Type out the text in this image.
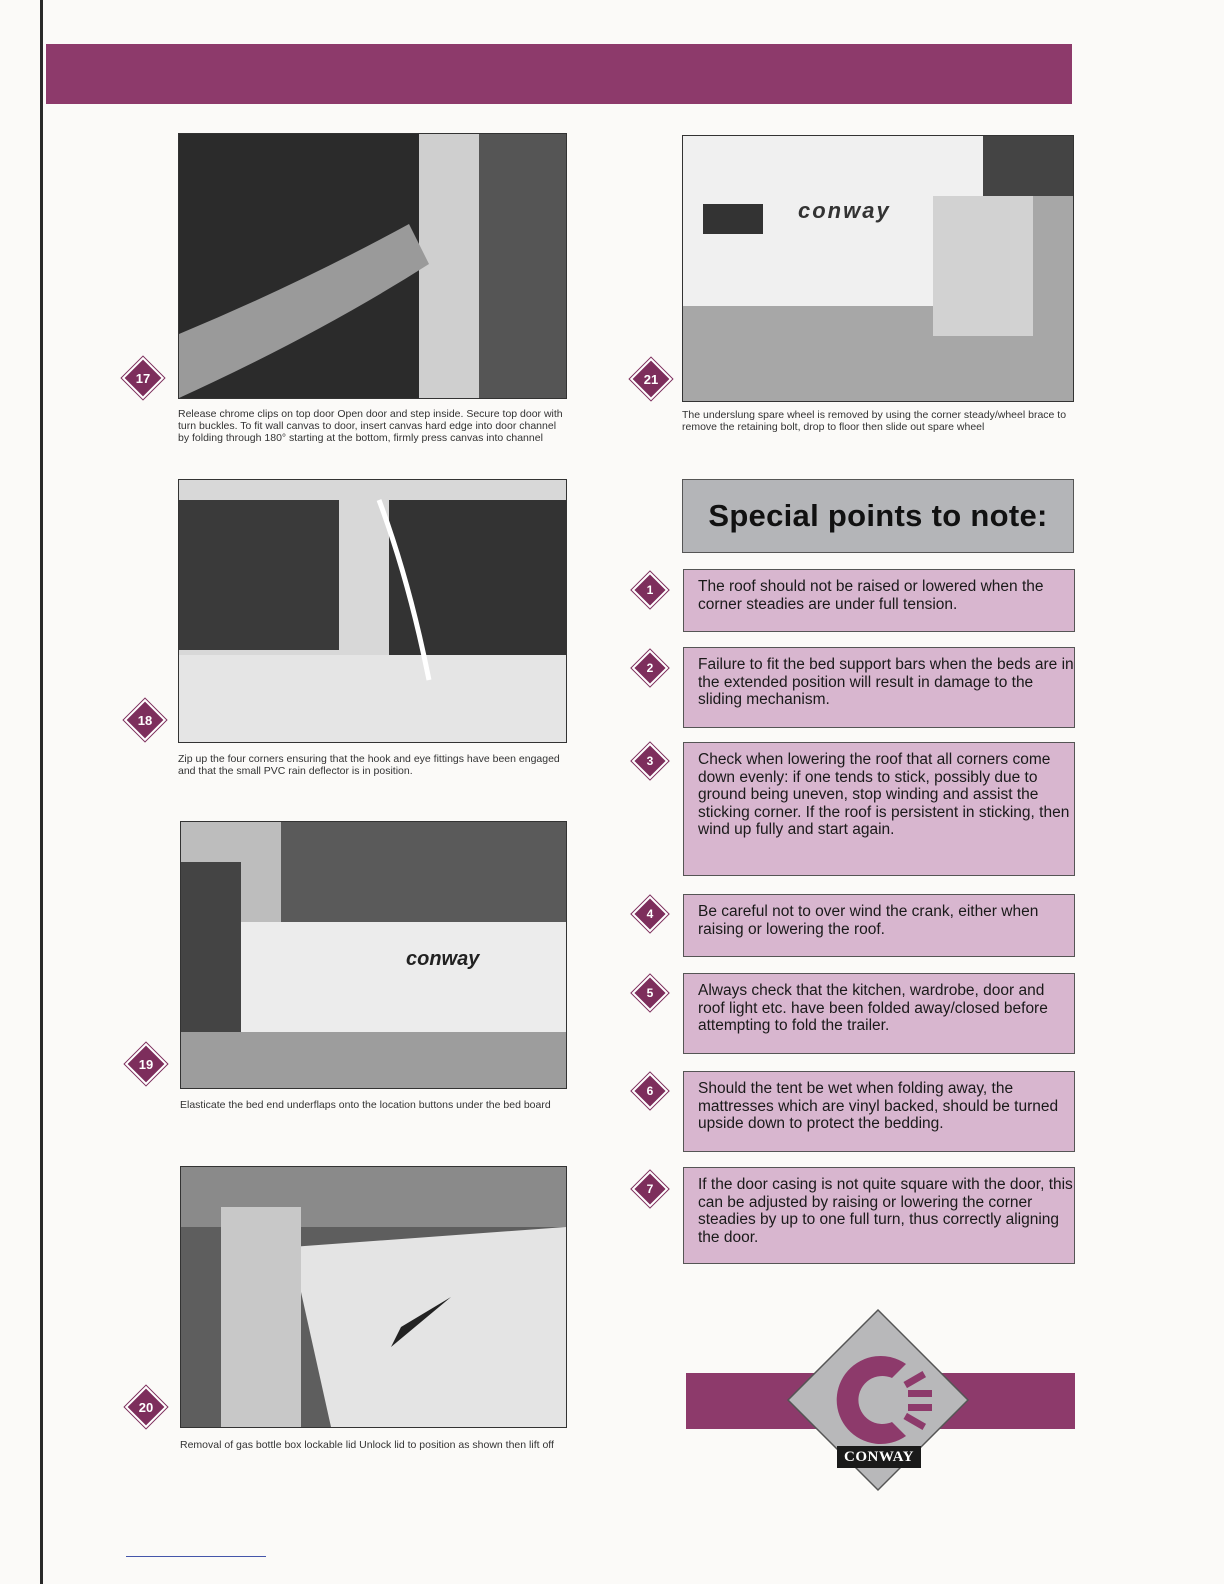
17
Release chrome clips on top door Open door and step inside. Secure top door with turn buckles. To fit wall canvas to door, insert canvas hard edge into door channel by folding through 180° starting at the bottom, firmly press canvas into channel
18
Zip up the four corners ensuring that the hook and eye fittings have been engaged and that the small PVC rain deflector is in position.
conway
19
Elasticate the bed end underflaps onto the location buttons under the bed board
20
Removal of gas bottle box lockable lid Unlock lid to position as shown then lift off
conway
21
The underslung spare wheel is removed by using the corner steady/wheel brace to remove the retaining bolt, drop to floor then slide out spare wheel
Special points to note:
1	The roof should not be raised or lowered when the corner steadies are under full tension.
2	Failure to fit the bed support bars when the beds are in the extended position will result in damage to the sliding mechanism.
3	Check when lowering the roof that all corners come down evenly: if one tends to stick, possibly due to ground being uneven, stop winding and assist the sticking corner. If the roof is persistent in sticking, then wind up fully and start again.
4	Be careful not to over wind the crank, either when raising or lowering the roof.
5	Always check that the kitchen, wardrobe, door and roof light etc. have been folded away/closed before attempting to fold the trailer.
6	Should the tent be wet when folding away, the mattresses which are vinyl backed, should be turned upside down to protect the bedding.
7	If the door casing is not quite square with the door, this can be adjusted by raising or lowering the corner steadies by up to one full turn, thus correctly aligning the door.
CONWAY
